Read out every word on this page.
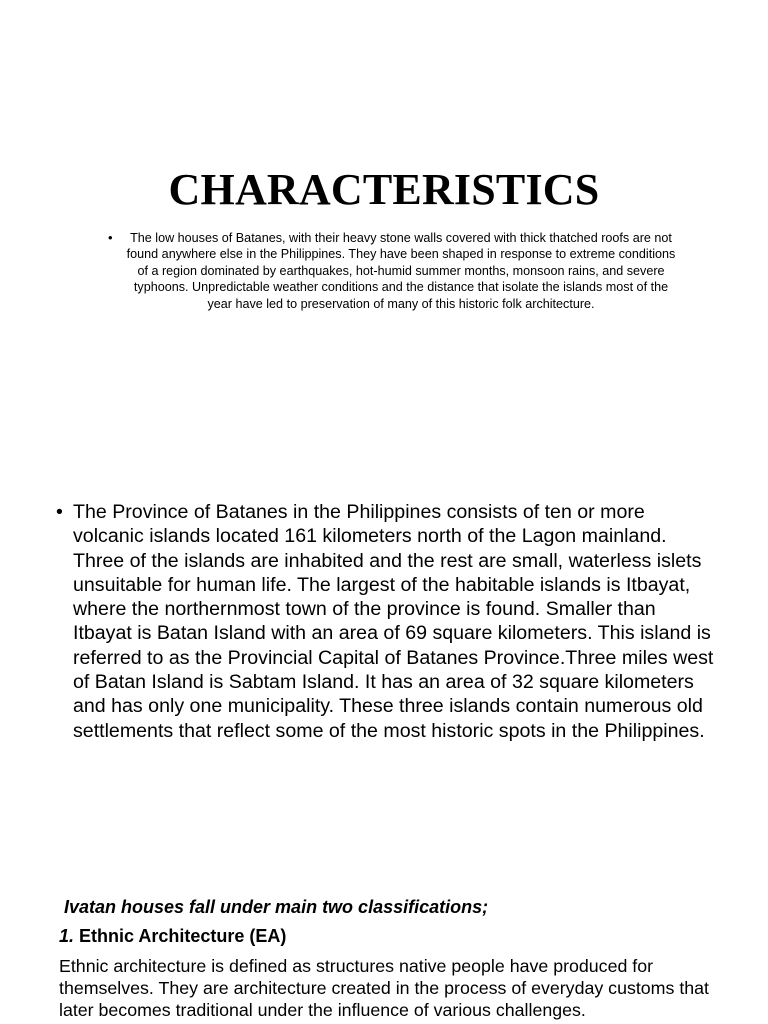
CHARACTERISTICS
•	The low houses of Batanes, with their heavy stone walls covered with thick thatched roofs are not found anywhere else in the Philippines. They have been shaped in response to extreme conditions of a region dominated by earthquakes, hot-humid summer months, monsoon rains, and severe typhoons. Unpredictable weather conditions and the distance that isolate the islands most of the year have led to preservation of many of this historic folk architecture.
• The Province of Batanes in the Philippines consists of ten or more volcanic islands located 161 kilometers north of the Lagon mainland. Three of the islands are inhabited and the rest are small, waterless islets unsuitable for human life. The largest of the habitable islands is Itbayat, where the northernmost town of the province is found. Smaller than Itbayat is Batan Island with an area of 69 square kilometers. This island is referred to as the Provincial Capital of Batanes Province.Three miles west of Batan Island is Sabtam Island. It has an area of 32 square kilometers and has only one municipality. These three islands contain numerous old settlements that reflect some of the most historic spots in the Philippines.
Ivatan houses fall under main two classifications;
1. Ethnic Architecture (EA)
Ethnic architecture is defined as structures native people have produced for themselves. They are architecture created in the process of everyday customs that later becomes traditional under the influence of various challenges.
